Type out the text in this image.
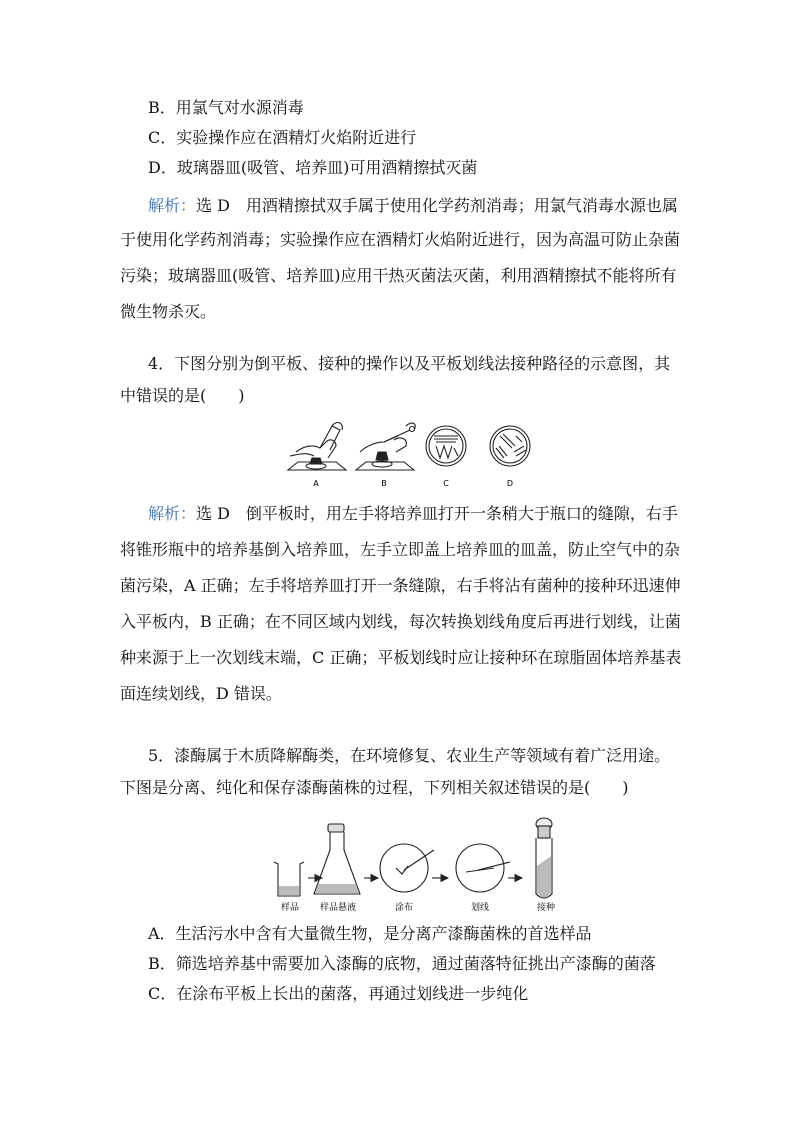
B．用氯气对水源消毒
C．实验操作应在酒精灯火焰附近进行
D．玻璃器皿(吸管、培养皿)可用酒精擦拭灭菌
解析：选 D　用酒精擦拭双手属于使用化学药剂消毒；用氯气消毒水源也属
于使用化学药剂消毒；实验操作应在酒精灯火焰附近进行，因为高温可防止杂菌
污染；玻璃器皿(吸管、培养皿)应用干热灭菌法灭菌，利用酒精擦拭不能将所有
微生物杀灭。
4．下图分别为倒平板、接种的操作以及平板划线法接种路径的示意图，其
中错误的是(　　)
A	B	C	D
解析：选 D　倒平板时，用左手将培养皿打开一条稍大于瓶口的缝隙，右手
将锥形瓶中的培养基倒入培养皿，左手立即盖上培养皿的皿盖，防止空气中的杂
菌污染，A 正确；左手将培养皿打开一条缝隙，右手将沾有菌种的接种环迅速伸
入平板内，B 正确；在不同区域内划线，每次转换划线角度后再进行划线，让菌
种来源于上一次划线末端，C 正确；平板划线时应让接种环在琼脂固体培养基表
面连续划线，D 错误。
5．漆酶属于木质降解酶类，在环境修复、农业生产等领域有着广泛用途。
下图是分离、纯化和保存漆酶菌株的过程，下列相关叙述错误的是(　　)
样品 样品悬液	涂布	划线	接种
A．生活污水中含有大量微生物，是分离产漆酶菌株的首选样品
B．筛选培养基中需要加入漆酶的底物，通过菌落特征挑出产漆酶的菌落
C．在涂布平板上长出的菌落，再通过划线进一步纯化
